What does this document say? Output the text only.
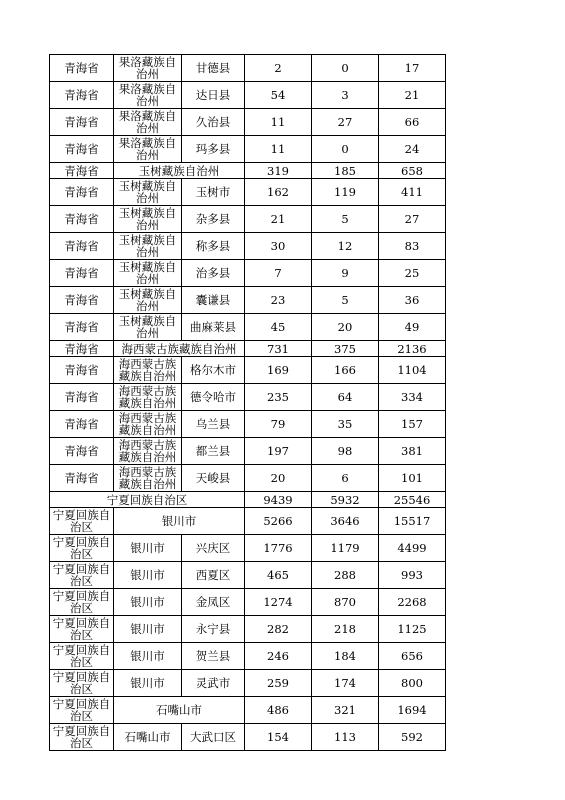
青海省	果洛藏族自治州	甘德县	2	0	17
青海省	果洛藏族自治州	达日县	54	3	21
青海省	果洛藏族自治州	久治县	11	27	66
青海省	果洛藏族自治州	玛多县	11	0	24
青海省	玉树藏族自治州		319	185	658
青海省	玉树藏族自治州	玉树市	162	119	411
青海省	玉树藏族自治州	杂多县	21	5	27
青海省	玉树藏族自治州	称多县	30	12	83
青海省	玉树藏族自治州	治多县	7	9	25
青海省	玉树藏族自治州	囊谦县	23	5	36
青海省	玉树藏族自治州	曲麻莱县	45	20	49
青海省	海西蒙古族藏族自治州		731	375	2136
青海省	海西蒙古族藏族自治州	格尔木市	169	166	1104
青海省	海西蒙古族藏族自治州	德令哈市	235	64	334
青海省	海西蒙古族藏族自治州	乌兰县	79	35	157
青海省	海西蒙古族藏族自治州	都兰县	197	98	381
青海省	海西蒙古族藏族自治州	天峻县	20	6	101
宁夏回族自治区			9439	5932	25546
宁夏回族自治区	银川市		5266	3646	15517
宁夏回族自治区	银川市	兴庆区	1776	1179	4499
宁夏回族自治区	银川市	西夏区	465	288	993
宁夏回族自治区	银川市	金凤区	1274	870	2268
宁夏回族自治区	银川市	永宁县	282	218	1125
宁夏回族自治区	银川市	贺兰县	246	184	656
宁夏回族自治区	银川市	灵武市	259	174	800
宁夏回族自治区	石嘴山市		486	321	1694
宁夏回族自治区	石嘴山市	大武口区	154	113	592
